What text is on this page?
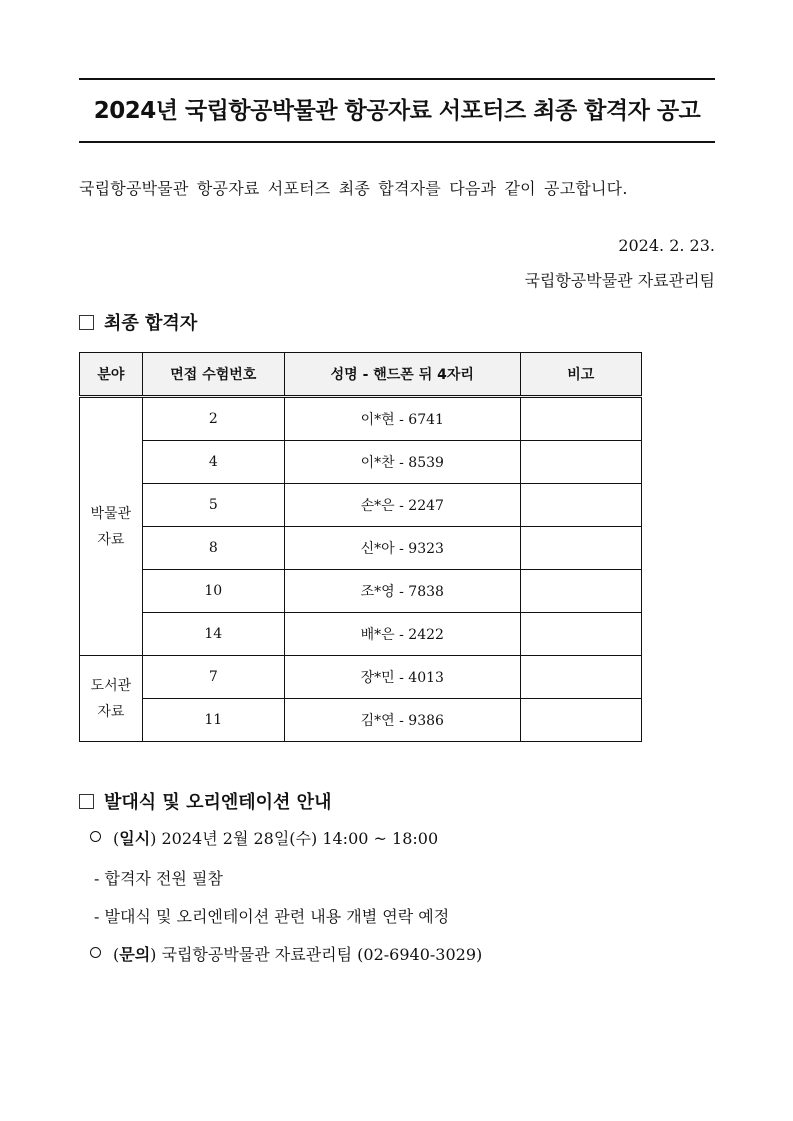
2024년 국립항공박물관 항공자료 서포터즈 최종 합격자 공고
국립항공박물관 항공자료 서포터즈 최종 합격자를 다음과 같이 공고합니다.
2024. 2. 23.
국립항공박물관 자료관리팀
최종 합격자
분야	면접 수험번호	성명 - 핸드폰 뒤 4자리	비고
박물관
자료	2	이*현 - 6741	
	4	이*찬 - 8539	
	5	손*은 - 2247	
	8	신*아 - 9323	
	10	조*영 - 7838	
	14	배*은 - 2422	
도서관
자료	7	장*민 - 4013	
	11	김*연 - 9386	
발대식 및 오리엔테이션 안내
(일시) 2024년 2월 28일(수) 14:00 ~ 18:00
- 합격자 전원 필참
- 발대식 및 오리엔테이션 관련 내용 개별 연락 예정
(문의) 국립항공박물관 자료관리팀 (02-6940-3029)
